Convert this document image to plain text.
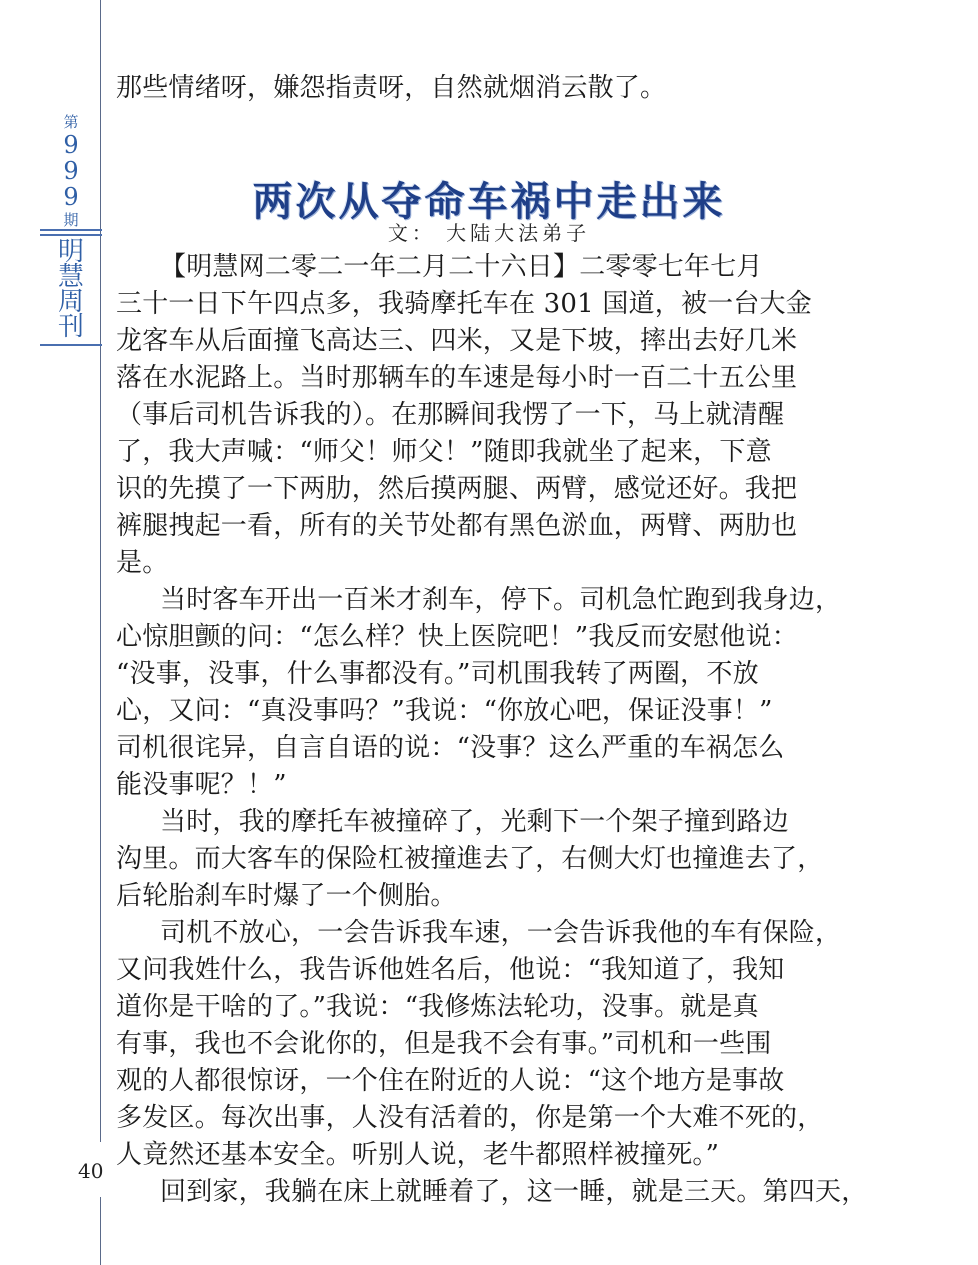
第
9
9
9
期
明
慧
周
刊
40
那些情绪呀，嫌怨指责呀，自然就烟消云散了。
两次从夺命车祸中走出来
文： 大陆大法弟子
【明慧网二零二一年二月二十六日】二零零七年七月
三十一日下午四点多，我骑摩托车在 301 国道，被一台大金
龙客车从后面撞飞高达三、四米，又是下坡，摔出去好几米
落在水泥路上。当时那辆车的车速是每小时一百二十五公里
（事后司机告诉我的）。在那瞬间我愣了一下，马上就清醒
了，我大声喊：“师父！师父！”随即我就坐了起来，下意
识的先摸了一下两肋，然后摸两腿、两臂，感觉还好。我把
裤腿拽起一看，所有的关节处都有黑色淤血，两臂、两肋也
是。
当时客车开出一百米才刹车，停下。司机急忙跑到我身边，
心惊胆颤的问：“怎么样？快上医院吧！”我反而安慰他说：
“没事，没事，什么事都没有。”司机围我转了两圈，不放
心，又问：“真没事吗？”我说：“你放心吧，保证没事！”
司机很诧异，自言自语的说：“没事？这么严重的车祸怎么
能没事呢？！”
当时，我的摩托车被撞碎了，光剩下一个架子撞到路边
沟里。而大客车的保险杠被撞進去了，右侧大灯也撞進去了，
后轮胎刹车时爆了一个侧胎。
司机不放心，一会告诉我车速，一会告诉我他的车有保险，
又问我姓什么，我告诉他姓名后，他说：“我知道了，我知
道你是干啥的了。”我说：“我修炼法轮功，没事。就是真
有事，我也不会讹你的，但是我不会有事。”司机和一些围
观的人都很惊讶，一个住在附近的人说：“这个地方是事故
多发区。每次出事，人没有活着的，你是第一个大难不死的，
人竟然还基本安全。听别人说，老牛都照样被撞死。”
回到家，我躺在床上就睡着了，这一睡，就是三天。第四天，
